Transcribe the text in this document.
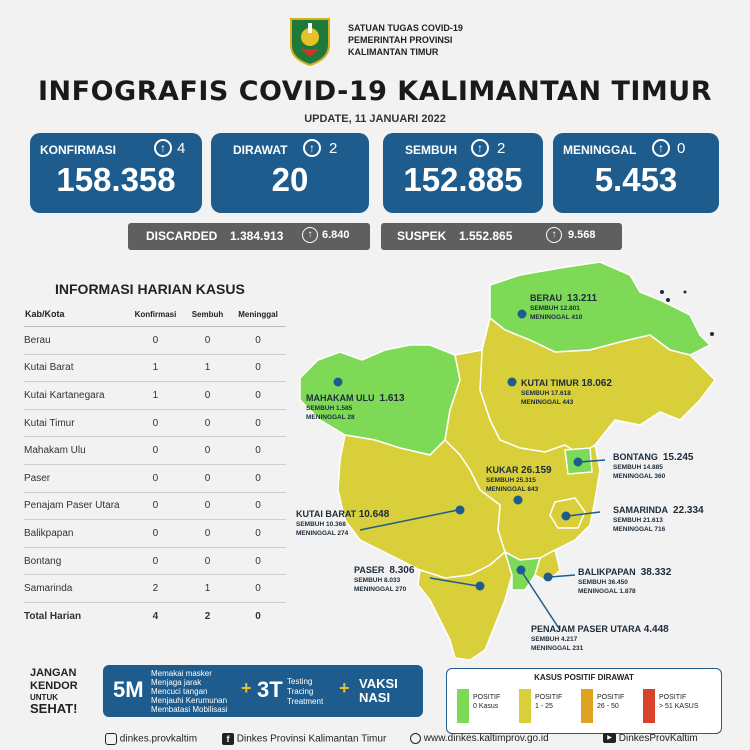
SATUAN TUGAS COVID-19
PEMERINTAH PROVINSI
KALIMANTAN TIMUR
INFOGRAFIS COVID-19 KALIMANTAN TIMUR
UPDATE, 11 JANUARI 2022
KONFIRMASI	↑ 4
158.358
DIRAWAT	↑ 2
20
SEMBUH	↑ 2
152.885
MENINGGAL	↑ 0
5.453
DISCARDED 1.384.913	↑ 6.840	SUSPEK 1.552.865	↑	9.568
INFORMASI HARIAN KASUS
Kab/Kota	Konfirmasi	Sembuh	Meninggal
Berau	0	0	0
Kutai Barat	1	1	0
Kutai Kartanegara	1	0	0
Kutai Timur	0	0	0
Mahakam Ulu	0	0	0
Paser	0	0	0
Penajam Paser Utara	0	0	0
Balikpapan	0	0	0
Bontang	0	0	0
Samarinda	2	1	0
Total Harian	4	2	0
BERAU 13.211
SEMBUH 12.801
MENINGGAL 410
MAHAKAM ULU 1.613
SEMBUH 1.585
MENINGGAL 28
KUTAI TIMUR 18.062
SEMBUH 17.618
MENINGGAL 443
BONTANG 15.245
SEMBUH 14.885
MENINGGAL 360
KUKAR 26.159
SEMBUH 25.315
MENINGGAL 843
KUTAI BARAT 10.648
SEMBUH 10.368
MENINGGAL 274
SAMARINDA 22.334
SEMBUH 21.613
MENINGGAL 716
PASER 8.306
SEMBUH 8.033
MENINGGAL 270
BALIKPAPAN 38.332
SEMBUH 36.450
MENINGGAL 1.878
PENAJAM PASER UTARA 4.448
SEMBUH 4.217
MENINGGAL 231
JANGAN
KENDOR
UNTUK
SEHAT!
5M
Memakai masker
Menjaga jarak
Mencuci tangan
Menjauhi Kerumunan
Membatasi Mobilisasi
+ 3T Testing
Tracing
Treatment
+ VAKSI
NASI
KASUS POSITIF DIRAWAT
POSITIF
0 Kasus
POSITIF
1 - 25
POSITIF
26 - 50
POSITIF
> 51 KASUS
dinkes.provkaltim	f Dinkes Provinsi Kalimantan Timur	www.dinkes.kaltimprov.go.id	▶ DinkesProvKaltim
